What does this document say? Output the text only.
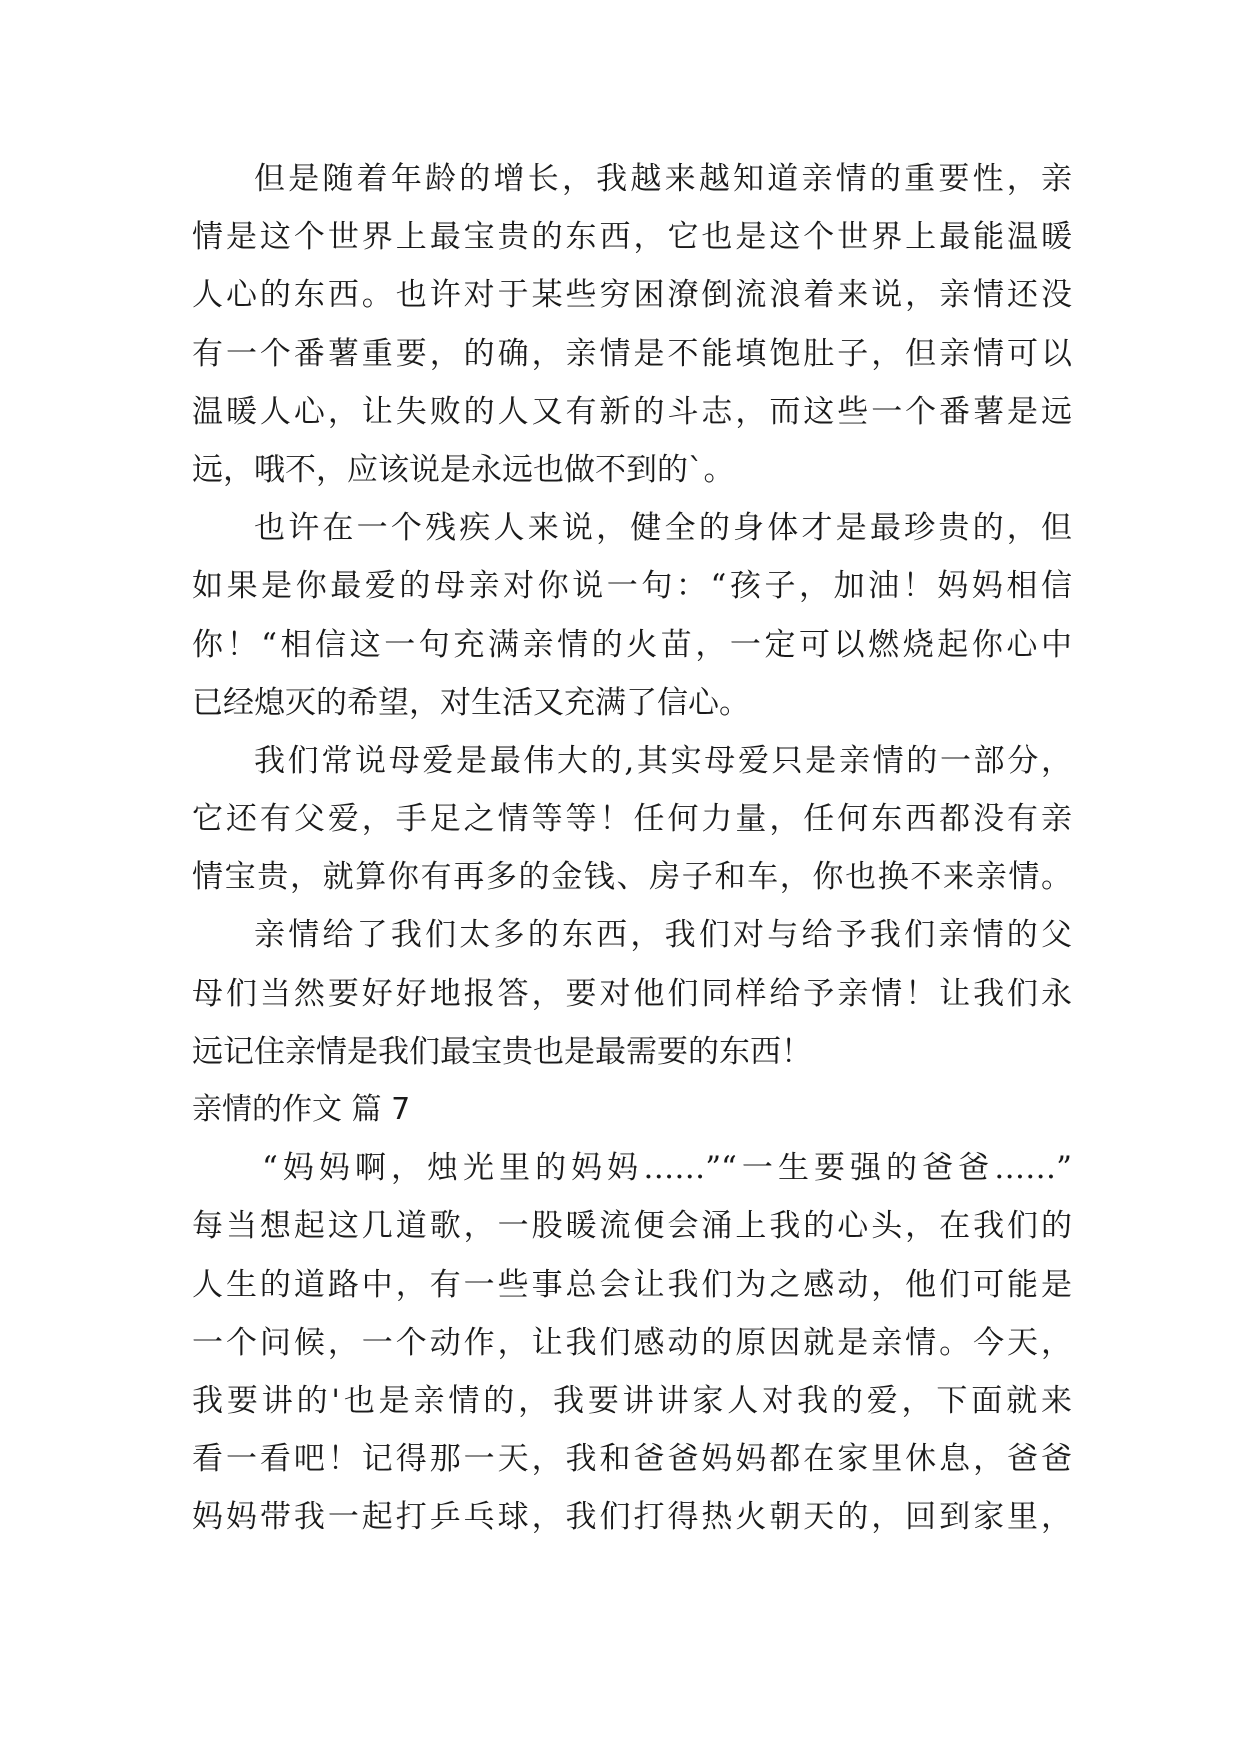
但是随着年龄的增长，我越来越知道亲情的重要性，亲
情是这个世界上最宝贵的东西，它也是这个世界上最能温暖
人心的东西。也许对于某些穷困潦倒流浪着来说，亲情还没
有一个番薯重要，的确，亲情是不能填饱肚子，但亲情可以
温暖人心，让失败的人又有新的斗志，而这些一个番薯是远
远，哦不，应该说是永远也做不到的`。
也许在一个残疾人来说，健全的身体才是最珍贵的，但
如果是你最爱的母亲对你说一句：“孩子，加油！妈妈相信
你！“相信这一句充满亲情的火苗，一定可以燃烧起你心中
已经熄灭的希望，对生活又充满了信心。
我们常说母爱是最伟大的,其实母爱只是亲情的一部分，
它还有父爱，手足之情等等！任何力量，任何东西都没有亲
情宝贵，就算你有再多的金钱、房子和车，你也换不来亲情。
亲情给了我们太多的东西，我们对与给予我们亲情的父
母们当然要好好地报答，要对他们同样给予亲情！让我们永
远记住亲情是我们最宝贵也是最需要的东西！
亲情的作文 篇 7
“妈妈啊，烛光里的妈妈……”“一生要强的爸爸……”
每当想起这几道歌，一股暖流便会涌上我的心头，在我们的
人生的道路中，有一些事总会让我们为之感动，他们可能是
一个问候，一个动作，让我们感动的原因就是亲情。今天，
我要讲的'也是亲情的，我要讲讲家人对我的爱，下面就来
看一看吧！记得那一天，我和爸爸妈妈都在家里休息，爸爸
妈妈带我一起打乒乓球，我们打得热火朝天的，回到家里，
